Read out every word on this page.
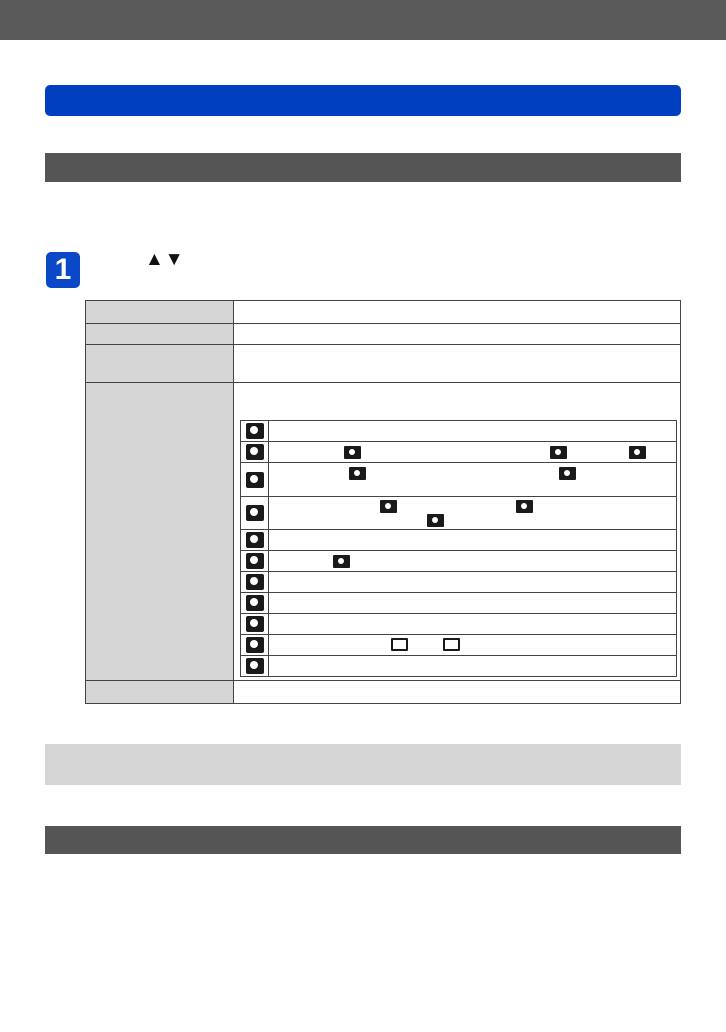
1	▲▼
